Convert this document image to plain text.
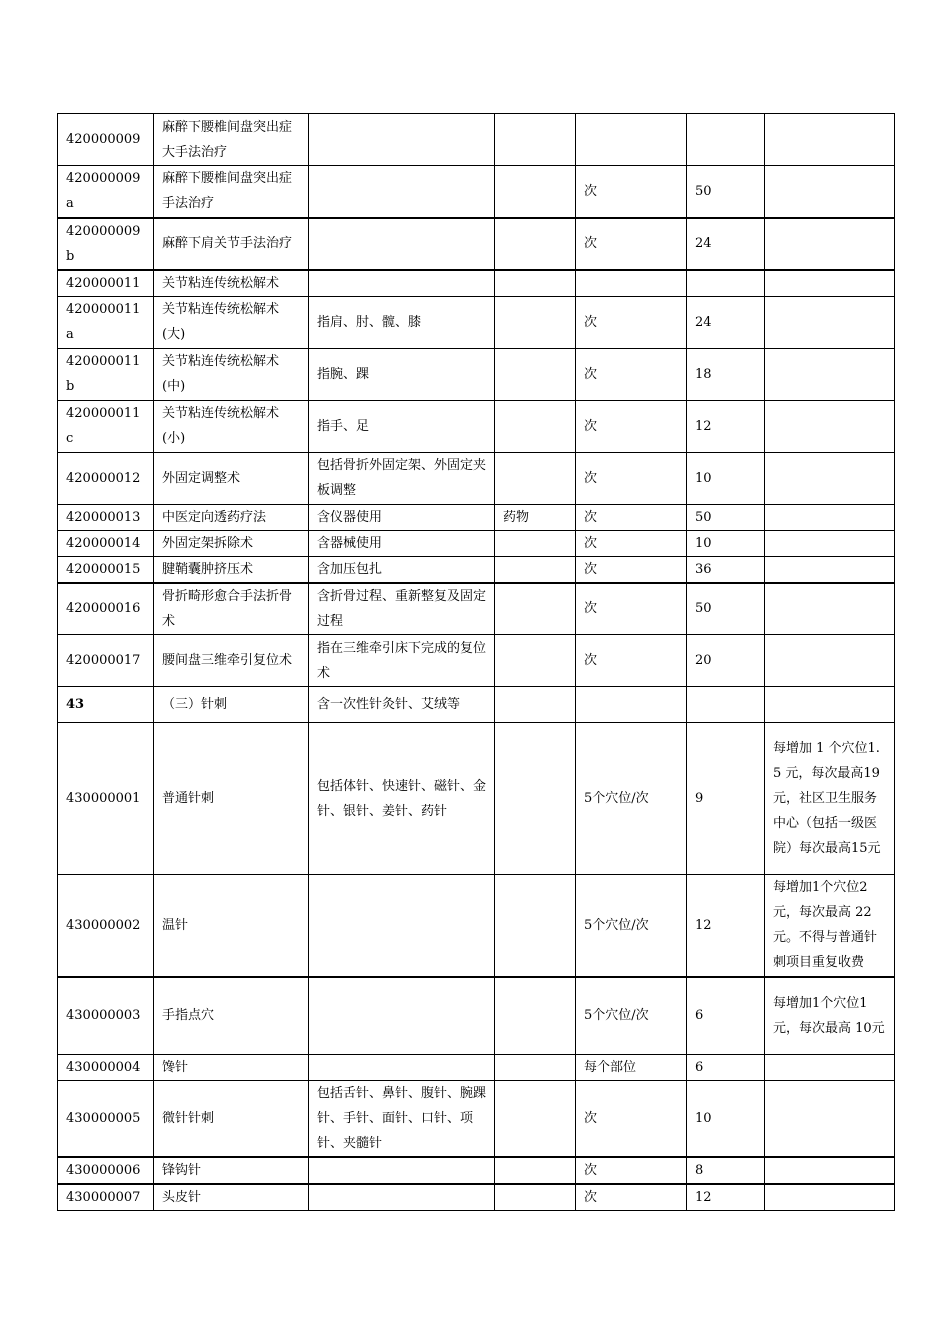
420000009	麻醉下腰椎间盘突出症大手法治疗					
420000009a	麻醉下腰椎间盘突出症手法治疗			次	50	
420000009b	麻醉下肩关节手法治疗			次	24	
420000011	关节粘连传统松解术					
420000011a	关节粘连传统松解术(大)	指肩、肘、髋、膝		次	24	
420000011b	关节粘连传统松解术(中)	指腕、踝		次	18	
420000011c	关节粘连传统松解术(小)	指手、足		次	12	
420000012	外固定调整术	包括骨折外固定架、外固定夹板调整		次	10	
420000013	中医定向透药疗法	含仪器使用	药物	次	50	
420000014	外固定架拆除术	含器械使用		次	10	
420000015	腱鞘囊肿挤压术	含加压包扎		次	36	
420000016	骨折畸形愈合手法折骨术	含折骨过程、重新整复及固定过程		次	50	
420000017	腰间盘三维牵引复位术	指在三维牵引床下完成的复位术		次	20	
43	（三）针刺	含一次性针灸针、艾绒等				
430000001	普通针刺	包括体针、快速针、磁针、金针、银针、姜针、药针		5个穴位/次	9	每增加 1 个穴位1.5 元，每次最高19 元，社区卫生服务中心（包括一级医院）每次最高15元
430000002	温针			5个穴位/次	12	每增加1个穴位2元，每次最高 22元。不得与普通针刺项目重复收费
430000003	手指点穴			5个穴位/次	6	每增加1个穴位1元，每次最高 10元
430000004	馋针			每个部位	6	
430000005	微针针刺	包括舌针、鼻针、腹针、腕踝针、手针、面针、口针、项针、夹髓针		次	10	
430000006	锋钩针			次	8	
430000007	头皮针			次	12	
